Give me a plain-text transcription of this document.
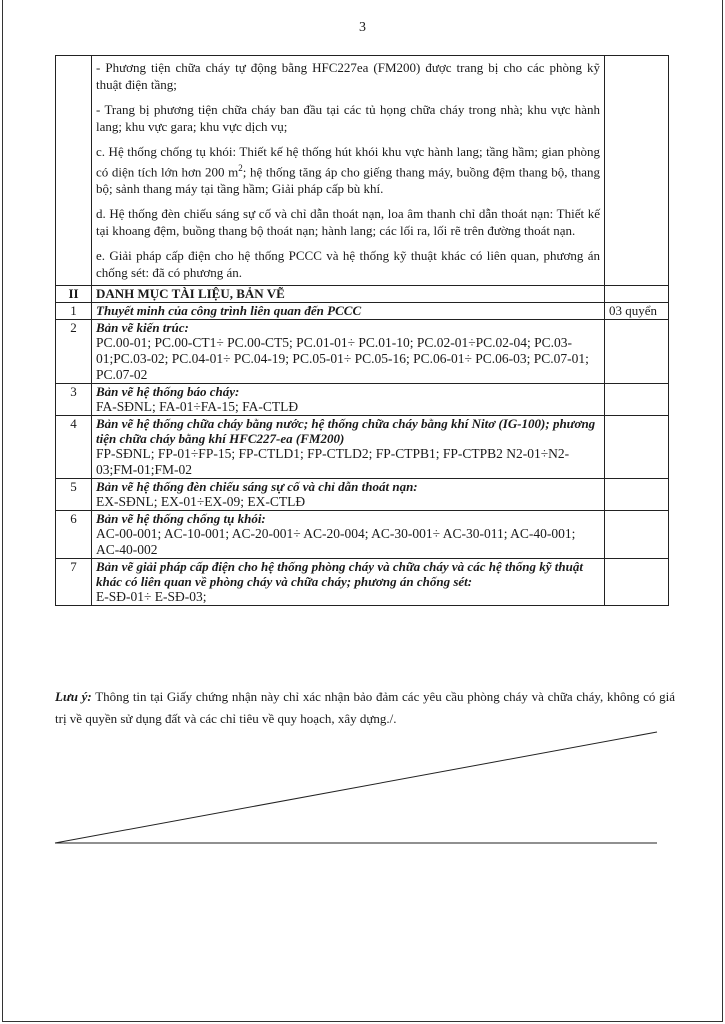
3

	- Phương tiện chữa cháy tự động bằng HFC227ea (FM200) được trang bị cho các phòng kỹ thuật điện tầng;
- Trang bị phương tiện chữa cháy ban đầu tại các tủ họng chữa cháy trong nhà; khu vực hành lang; khu vực gara; khu vực dịch vụ;
c. Hệ thống chống tụ khói: Thiết kế hệ thống hút khói khu vực hành lang; tầng hầm; gian phòng có diện tích lớn hơn 200 $m^2$; hệ thống tăng áp cho giếng thang máy, buồng đệm thang bộ, thang bộ; sảnh thang máy tại tầng hầm; Giải pháp cấp bù khí.
d. Hệ thống đèn chiếu sáng sự cố và chỉ dẫn thoát nạn, loa âm thanh chỉ dẫn thoát nạn: Thiết kế tại khoang đệm, buồng thang bộ thoát nạn; hành lang; các lối ra, lối rẽ trên đường thoát nạn.
e. Giải pháp cấp điện cho hệ thống PCCC và hệ thống kỹ thuật khác có liên quan, phương án chống sét: đã có phương án.	

II	DANH MỤC TÀI LIỆU, BẢN VẼ	
1	Thuyết minh của công trình liên quan đến PCCC	03 quyển
2	Bản vẽ kiến trúc:
PC.00-01; PC.00-CT1÷ PC.00-CT5; PC.01-01÷ PC.01-10; PC.02-01÷PC.02-04; PC.03-01;PC.03-02; PC.04-01÷ PC.04-19; PC.05-01÷ PC.05-16; PC.06-01÷ PC.06-03; PC.07-01; PC.07-02	

3	Bản vẽ hệ thống báo cháy:
FA-SĐNL; FA-01÷FA-15; FA-CTLĐ	

4	Bản vẽ hệ thống chữa cháy bằng nước; hệ thống chữa cháy bằng khí Nitơ (IG-100); phương tiện chữa cháy bằng khí HFC227-ea (FM200)
FP-SĐNL; FP-01÷FP-15; FP-CTLD1; FP-CTLD2; FP-CTPB1; FP-CTPB2 N2-01÷N2-03;FM-01;FM-02	

5	Bản vẽ hệ thống đèn chiếu sáng sự cố và chỉ dẫn thoát nạn:
EX-SĐNL; EX-01÷EX-09; EX-CTLĐ	

6	Bản vẽ hệ thống chống tụ khói:
AC-00-001; AC-10-001; AC-20-001÷ AC-20-004; AC-30-001÷ AC-30-011; AC-40-001; AC-40-002	

7	Bản vẽ giải pháp cấp điện cho hệ thống phòng cháy và chữa cháy và các hệ thống kỹ thuật khác có liên quan về phòng cháy và chữa cháy; phương án chống sét:
E-SĐ-01÷ E-SĐ-03;	

Lưu ý: Thông tin tại Giấy chứng nhận này chỉ xác nhận bảo đảm các yêu cầu phòng cháy và chữa cháy, không có giá trị về quyền sử dụng đất và các chỉ tiêu về quy hoạch, xây dựng./.
